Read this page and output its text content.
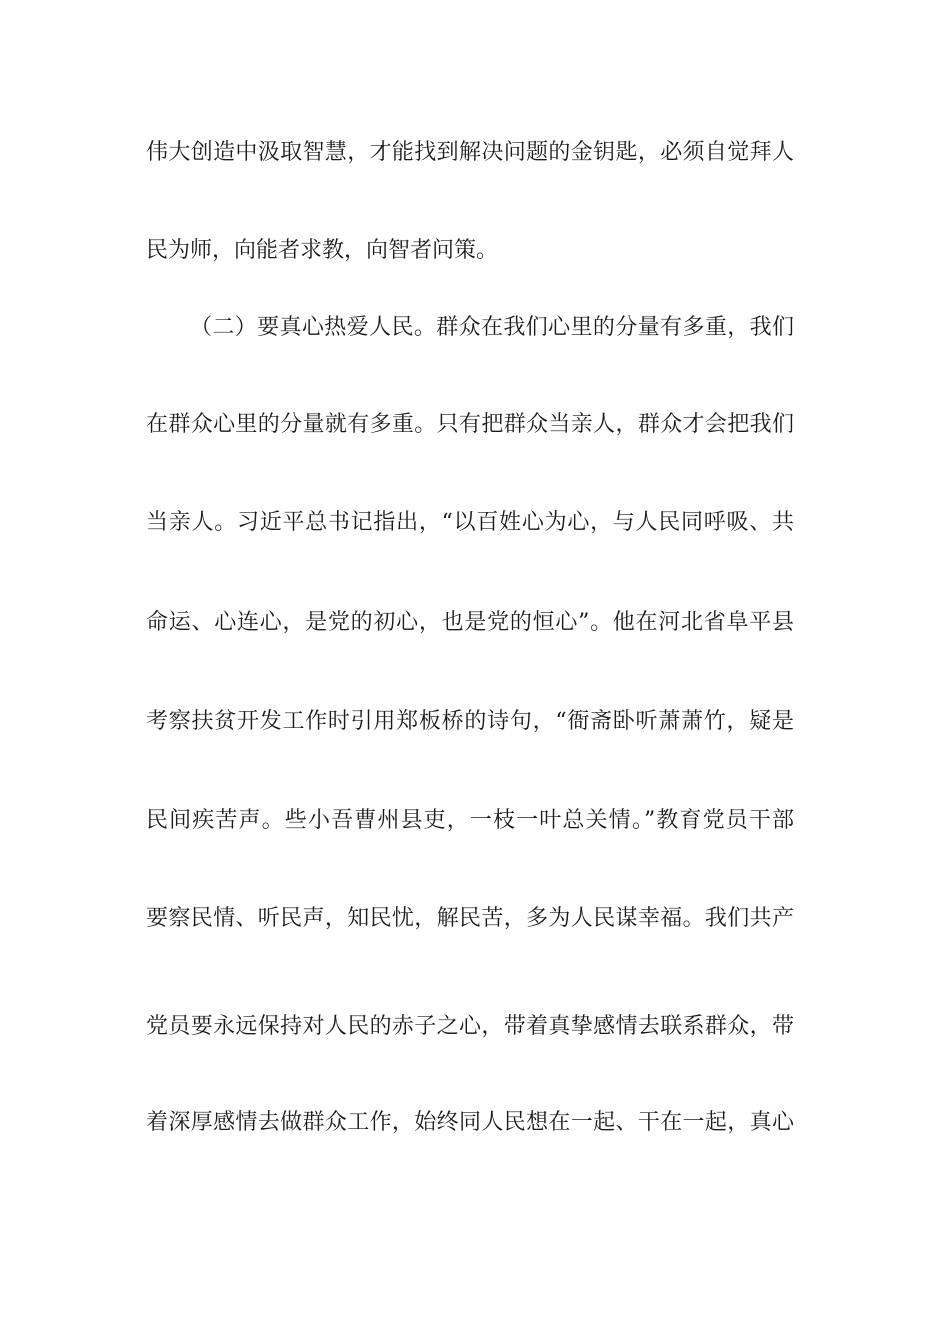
伟大创造中汲取智慧，才能找到解决问题的金钥匙，必须自觉拜人
民为师，向能者求教，向智者问策。
（二）要真心热爱人民。群众在我们心里的分量有多重，我们
在群众心里的分量就有多重。只有把群众当亲人，群众才会把我们
当亲人。习近平总书记指出，“以百姓心为心，与人民同呼吸、共
命运、心连心，是党的初心，也是党的恒心”。他在河北省阜平县
考察扶贫开发工作时引用郑板桥的诗句，“衙斋卧听萧萧竹，疑是
民间疾苦声。些小吾曹州县吏，一枝一叶总关情。”教育党员干部
要察民情、听民声，知民忧，解民苦，多为人民谋幸福。我们共产
党员要永远保持对人民的赤子之心，带着真挚感情去联系群众，带
着深厚感情去做群众工作，始终同人民想在一起、干在一起，真心
